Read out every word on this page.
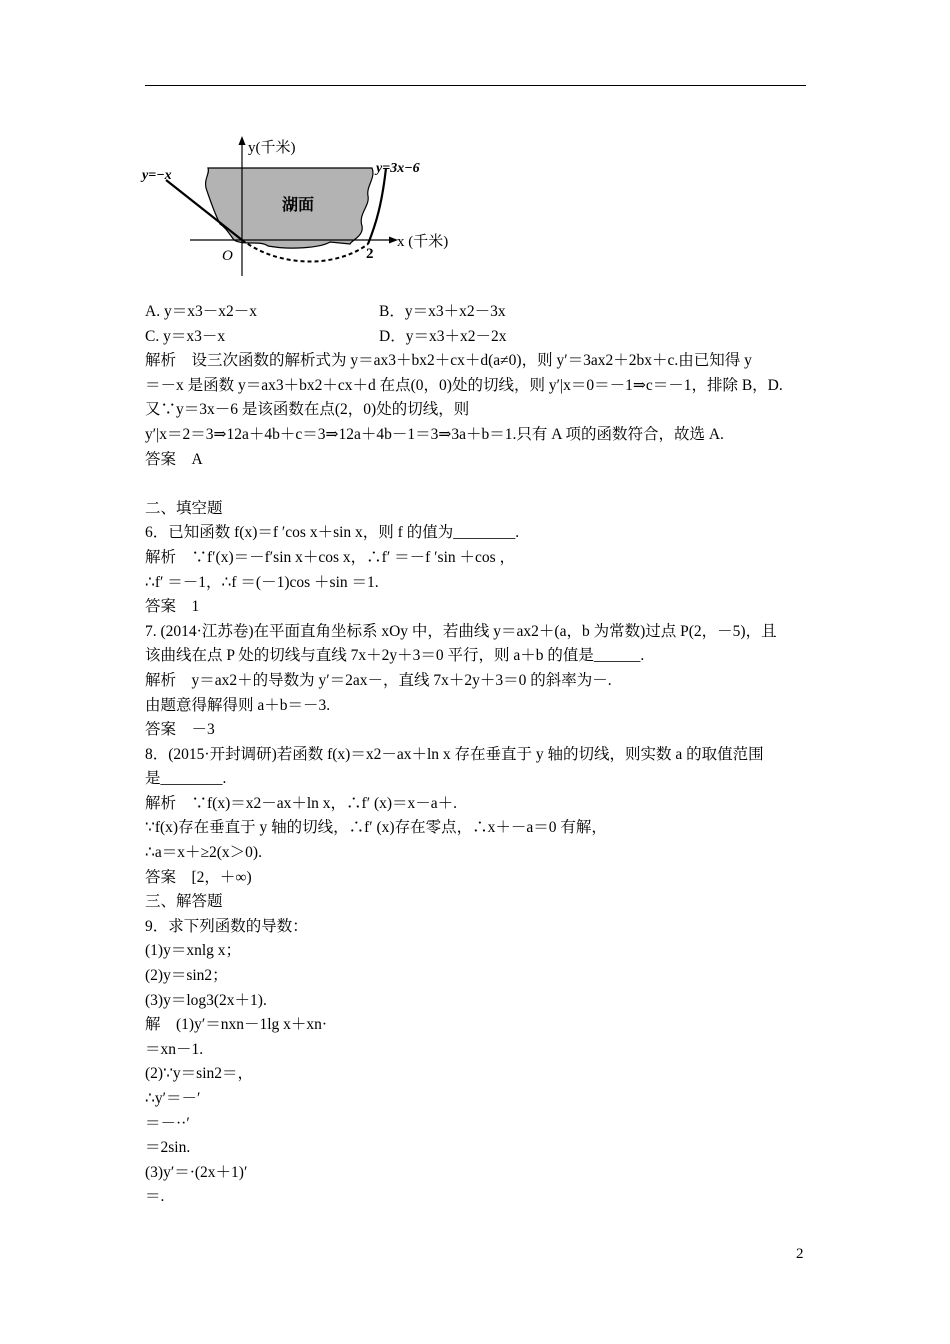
y(千米)
x (千米)
y=−x	y=3x−6
O	2
湖面
A. y＝x3－x2－x	B．y＝x3＋x2－3x
C. y＝x3－x	D．y＝x3＋x2－2x
解析　设三次函数的解析式为 y＝ax3＋bx2＋cx＋d(a≠0)，则 y′＝3ax2＋2bx＋c.由已知得 y
＝－x 是函数 y＝ax3＋bx2＋cx＋d 在点(0，0)处的切线，则 y′|x＝0＝－1⇒c＝－1，排除 B，D.
又∵y＝3x－6 是该函数在点(2，0)处的切线，则
y′|x＝2＝3⇒12a＋4b＋c＝3⇒12a＋4b－1＝3⇒3a＋b＝1.只有 A 项的函数符合，故选 A.
答案　A
二、填空题
6．已知函数 f(x)＝f ′cos x＋sin x，则 f 的值为________.
解析　∵f′(x)＝－f′sin x＋cos x，∴f′ ＝－f ′sin ＋cos ，
∴f′ ＝－1，∴f ＝(－1)cos ＋sin ＝1.
答案　1
7. (2014·江苏卷)在平面直角坐标系 xOy 中，若曲线 y＝ax2＋(a，b 为常数)过点 P(2，－5)，且
该曲线在点 P 处的切线与直线 7x＋2y＋3＝0 平行，则 a＋b 的值是______.
解析　y＝ax2＋的导数为 y′＝2ax－，直线 7x＋2y＋3＝0 的斜率为－.
由题意得解得则 a＋b＝－3.
答案　－3
8．(2015·开封调研)若函数 f(x)＝x2－ax＋ln x 存在垂直于 y 轴的切线，则实数 a 的取值范围
是________.
解析　∵f(x)＝x2－ax＋ln x，∴f′ (x)＝x－a＋.
∵f(x)存在垂直于 y 轴的切线，∴f′ (x)存在零点，∴x＋－a＝0 有解，
∴a＝x＋≥2(x＞0).
答案　[2，＋∞)
三、解答题
9．求下列函数的导数：
(1)y＝xnlg x；
(2)y＝sin2；
(3)y＝log3(2x＋1).
解　(1)y′＝nxn－1lg x＋xn·
＝xn－1.
(2)∵y＝sin2＝，
∴y′＝－′
＝－··′
＝2sin.
(3)y′＝·(2x＋1)′
＝.
2
